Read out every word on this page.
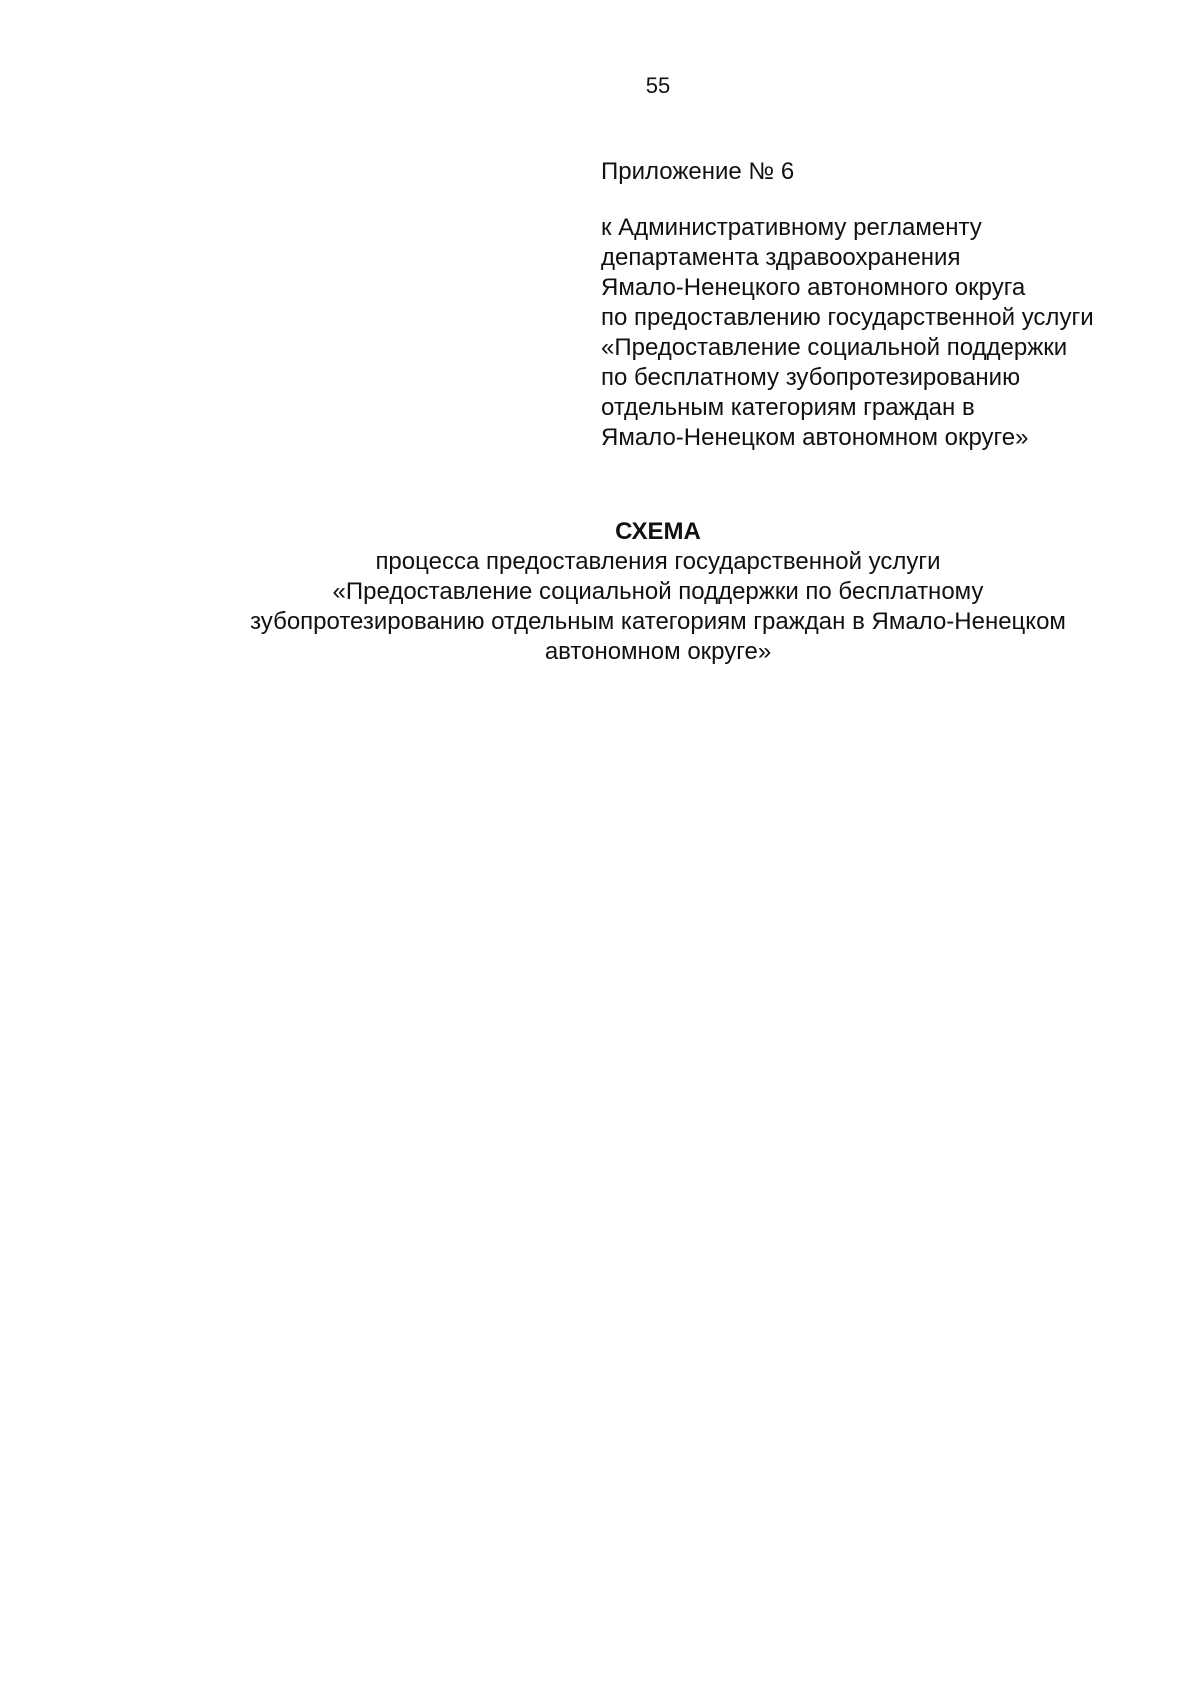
55
Приложение № 6
к Административному регламенту
департамента здравоохранения
Ямало-Ненецкого автономного округа
по предоставлению государственной услуги
«Предоставление социальной поддержки
по бесплатному зубопротезированию
отдельным категориям граждан в
Ямало-Ненецком автономном округе»
СХЕМА
процесса предоставления государственной услуги
«Предоставление социальной поддержки по бесплатному
зубопротезированию отдельным категориям граждан в Ямало-Ненецком
автономном округе»
